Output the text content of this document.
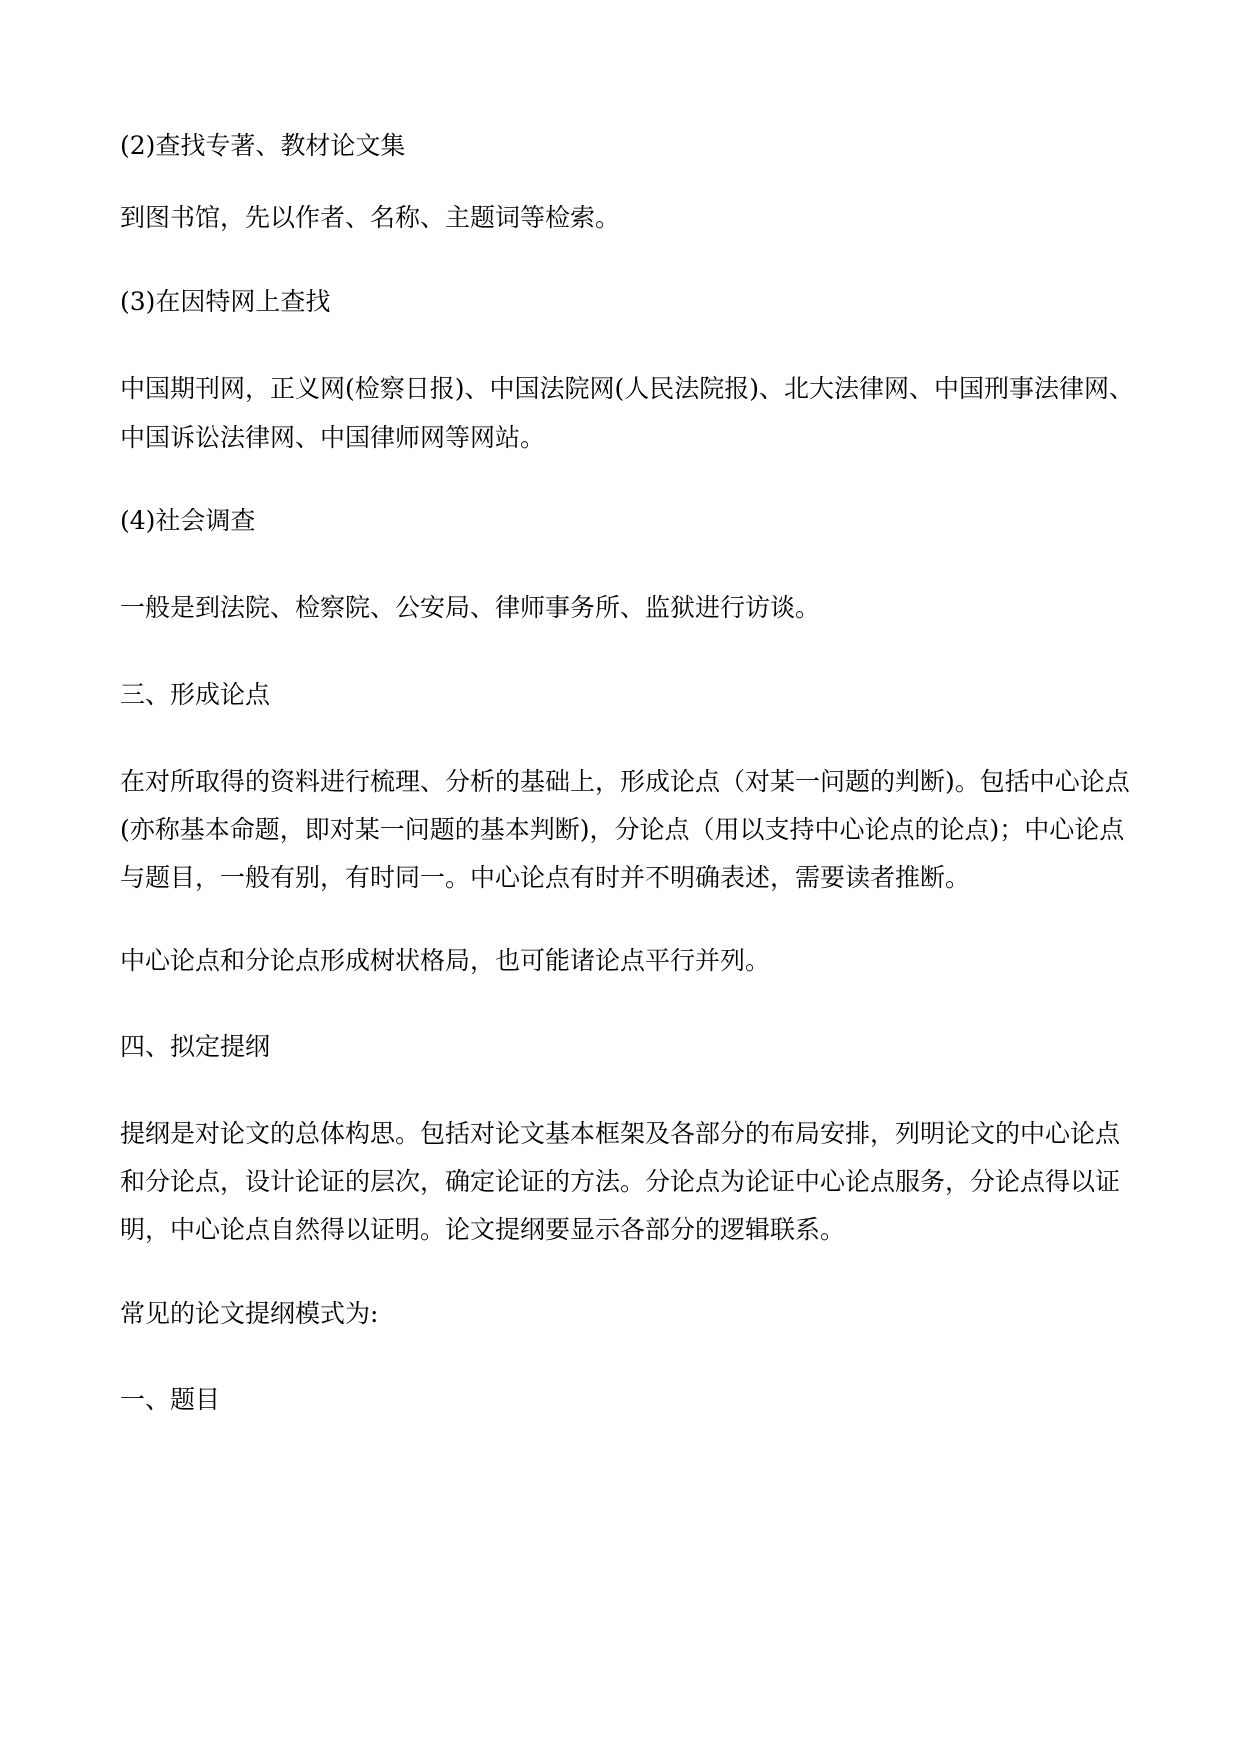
(2)查找专著、教材论文集
到图书馆，先以作者、名称、主题词等检索。
(3)在因特网上查找
中国期刊网，正义网(检察日报)、中国法院网(人民法院报)、北大法律网、中国刑事法律网、
中国诉讼法律网、中国律师网等网站。
(4)社会调查
一般是到法院、检察院、公安局、律师事务所、监狱进行访谈。
三、形成论点
在对所取得的资料进行梳理、分析的基础上，形成论点（对某一问题的判断)。包括中心论点
(亦称基本命题，即对某一问题的基本判断)，分论点（用以支持中心论点的论点)；中心论点
与题目，一般有别，有时同一。中心论点有时并不明确表述，需要读者推断。
中心论点和分论点形成树状格局，也可能诸论点平行并列。
四、拟定提纲
提纲是对论文的总体构思。包括对论文基本框架及各部分的布局安排，列明论文的中心论点
和分论点，设计论证的层次，确定论证的方法。分论点为论证中心论点服务，分论点得以证
明，中心论点自然得以证明。论文提纲要显示各部分的逻辑联系。
常见的论文提纲模式为:
一、题目
